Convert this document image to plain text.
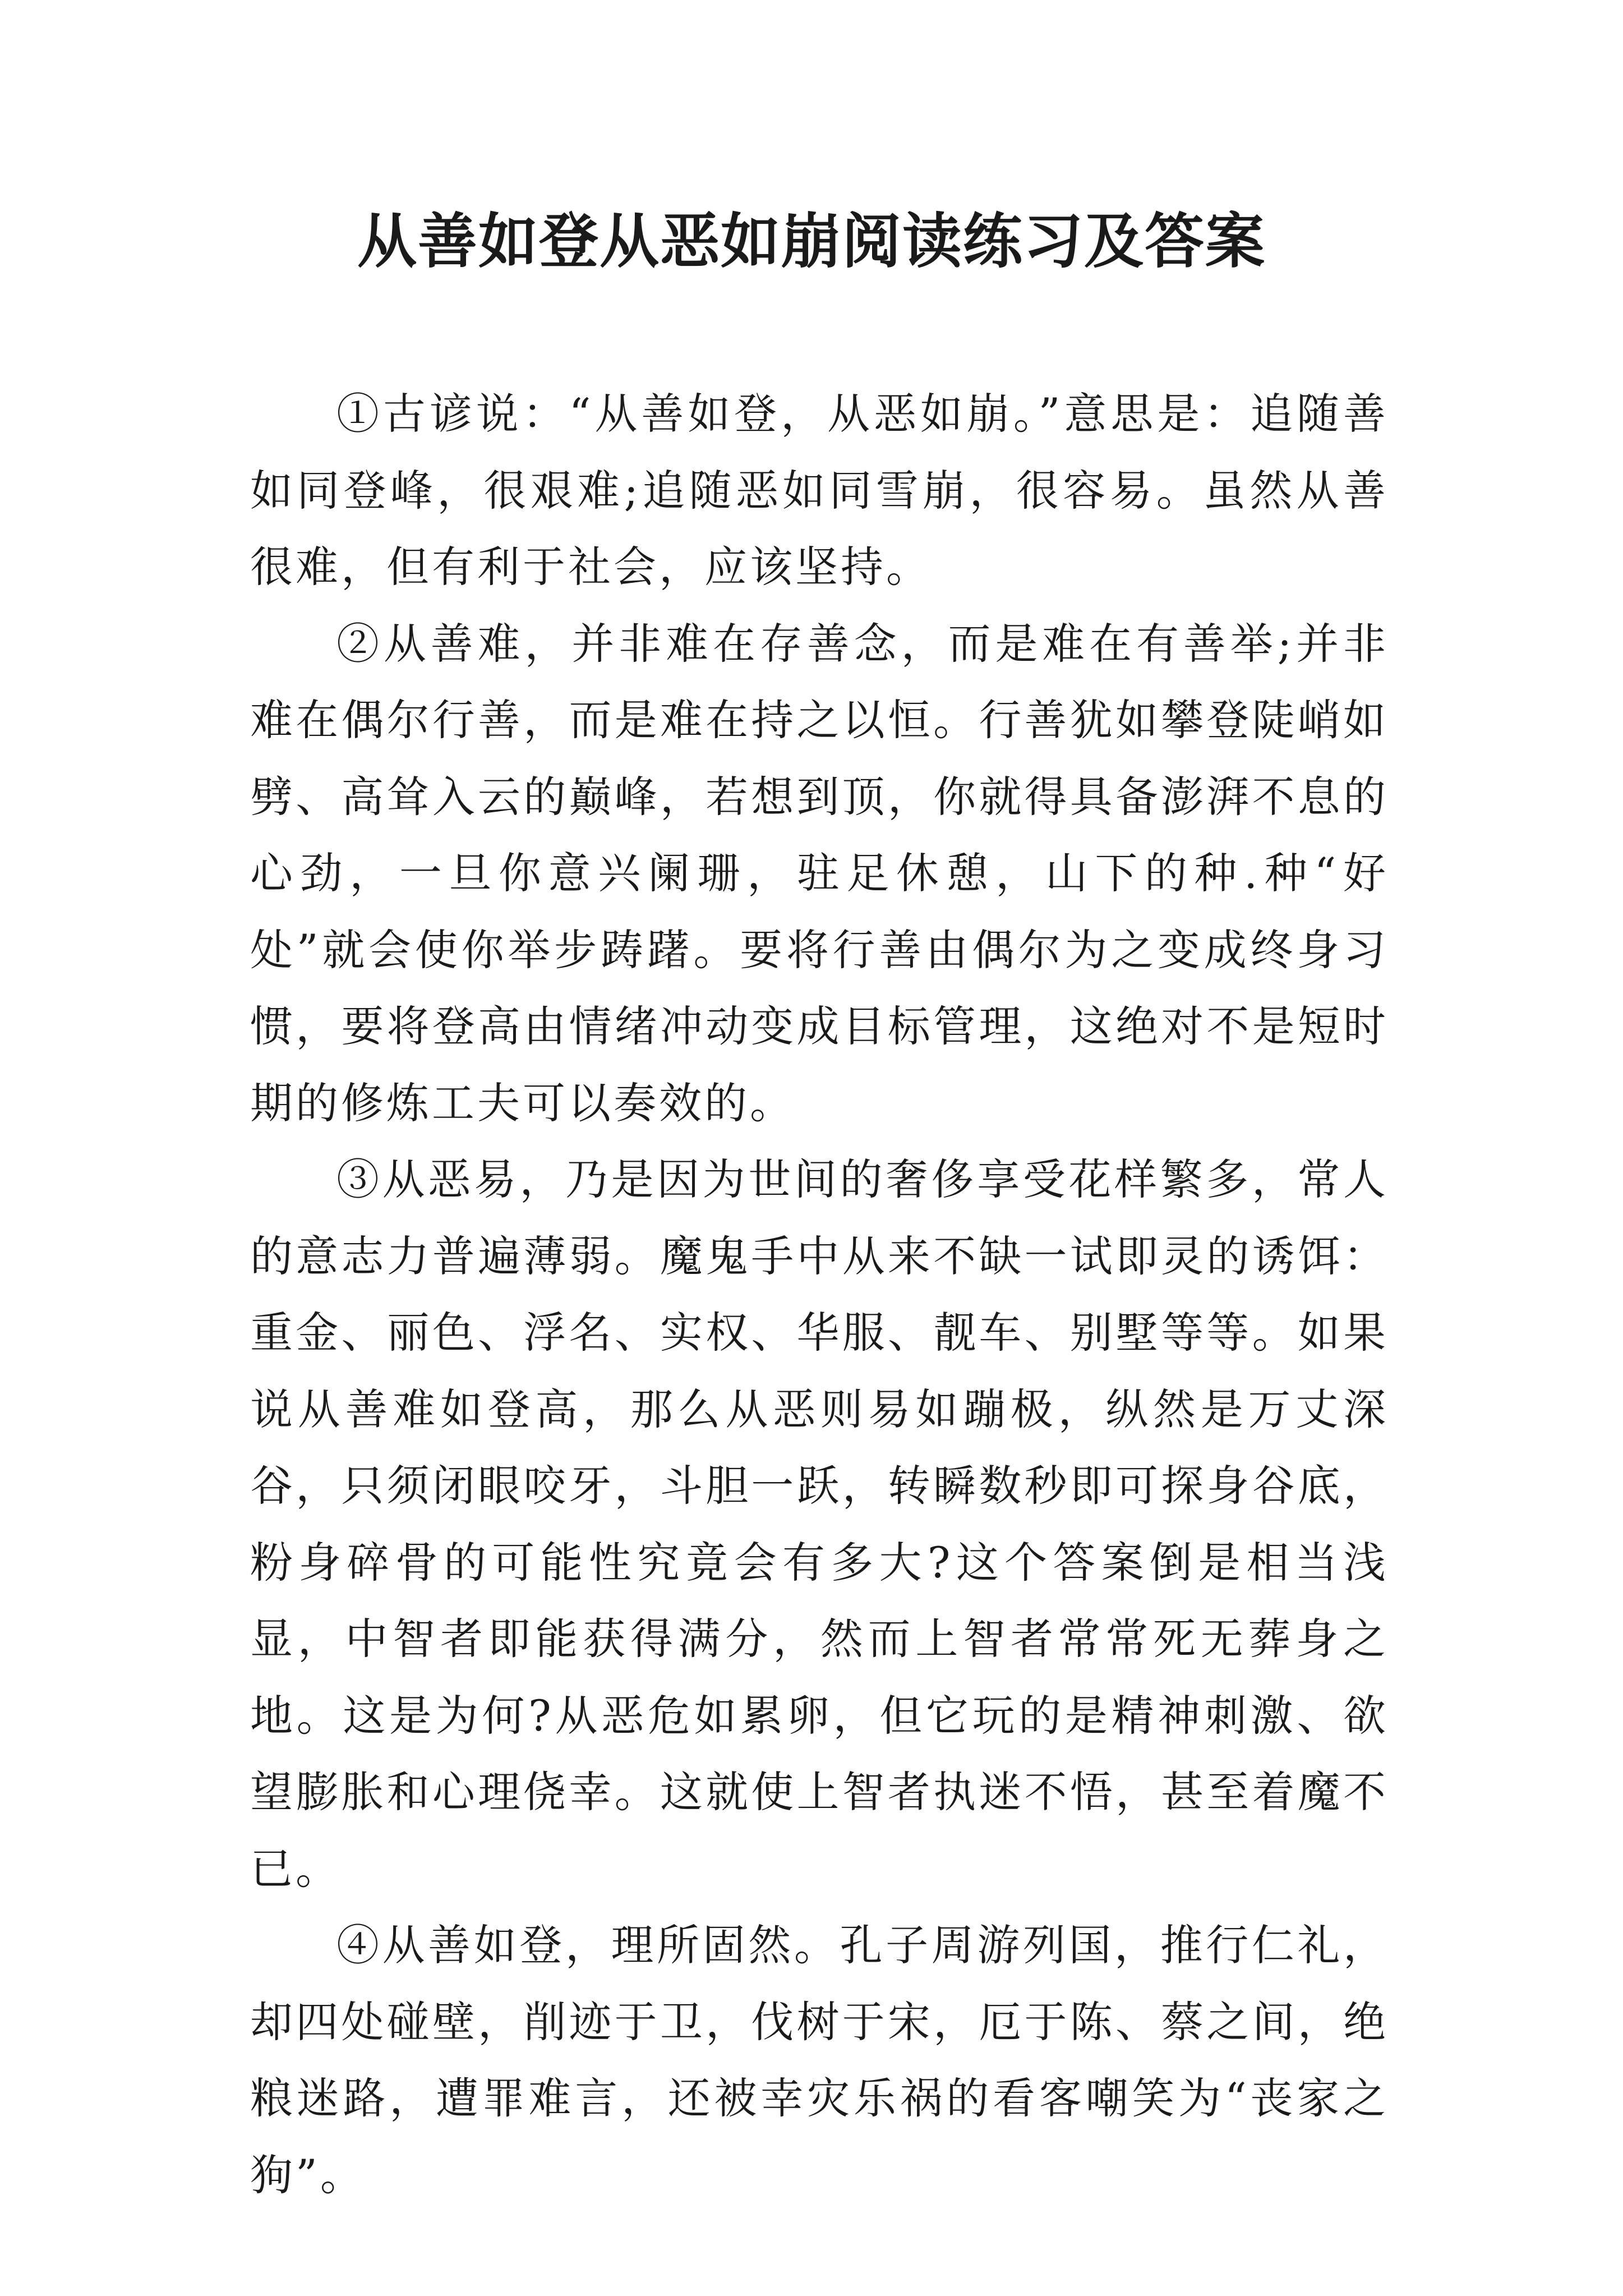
从善如登从恶如崩阅读练习及答案

①古谚说：“从善如登，从恶如崩。”意思是：追随善如同登峰，很艰难;追随恶如同雪崩，很容易。虽然从善很难，但有利于社会，应该坚持。

②从善难，并非难在存善念，而是难在有善举;并非难在偶尔行善，而是难在持之以恒。行善犹如攀登陡峭如劈、高耸入云的巅峰，若想到顶，你就得具备澎湃不息的心劲，一旦你意兴阑珊，驻足休憩，山下的种.种“好处”就会使你举步踌躇。要将行善由偶尔为之变成终身习惯，要将登高由情绪冲动变成目标管理，这绝对不是短时期的修炼工夫可以奏效的。

③从恶易，乃是因为世间的奢侈享受花样繁多，常人的意志力普遍薄弱。魔鬼手中从来不缺一试即灵的诱饵：重金、丽色、浮名、实权、华服、靓车、别墅等等。如果说从善难如登高，那么从恶则易如蹦极，纵然是万丈深谷，只须闭眼咬牙，斗胆一跃，转瞬数秒即可探身谷底，粉身碎骨的可能性究竟会有多大?这个答案倒是相当浅显，中智者即能获得满分，然而上智者常常死无葬身之地。这是为何?从恶危如累卵，但它玩的是精神刺激、欲望膨胀和心理侥幸。这就使上智者执迷不悟，甚至着魔不已。

④从善如登，理所固然。孔子周游列国，推行仁礼，却四处碰壁，削迹于卫，伐树于宋，厄于陈、蔡之间，绝粮迷路，遭罪难言，还被幸灾乐祸的看客嘲笑为“丧家之狗”。
